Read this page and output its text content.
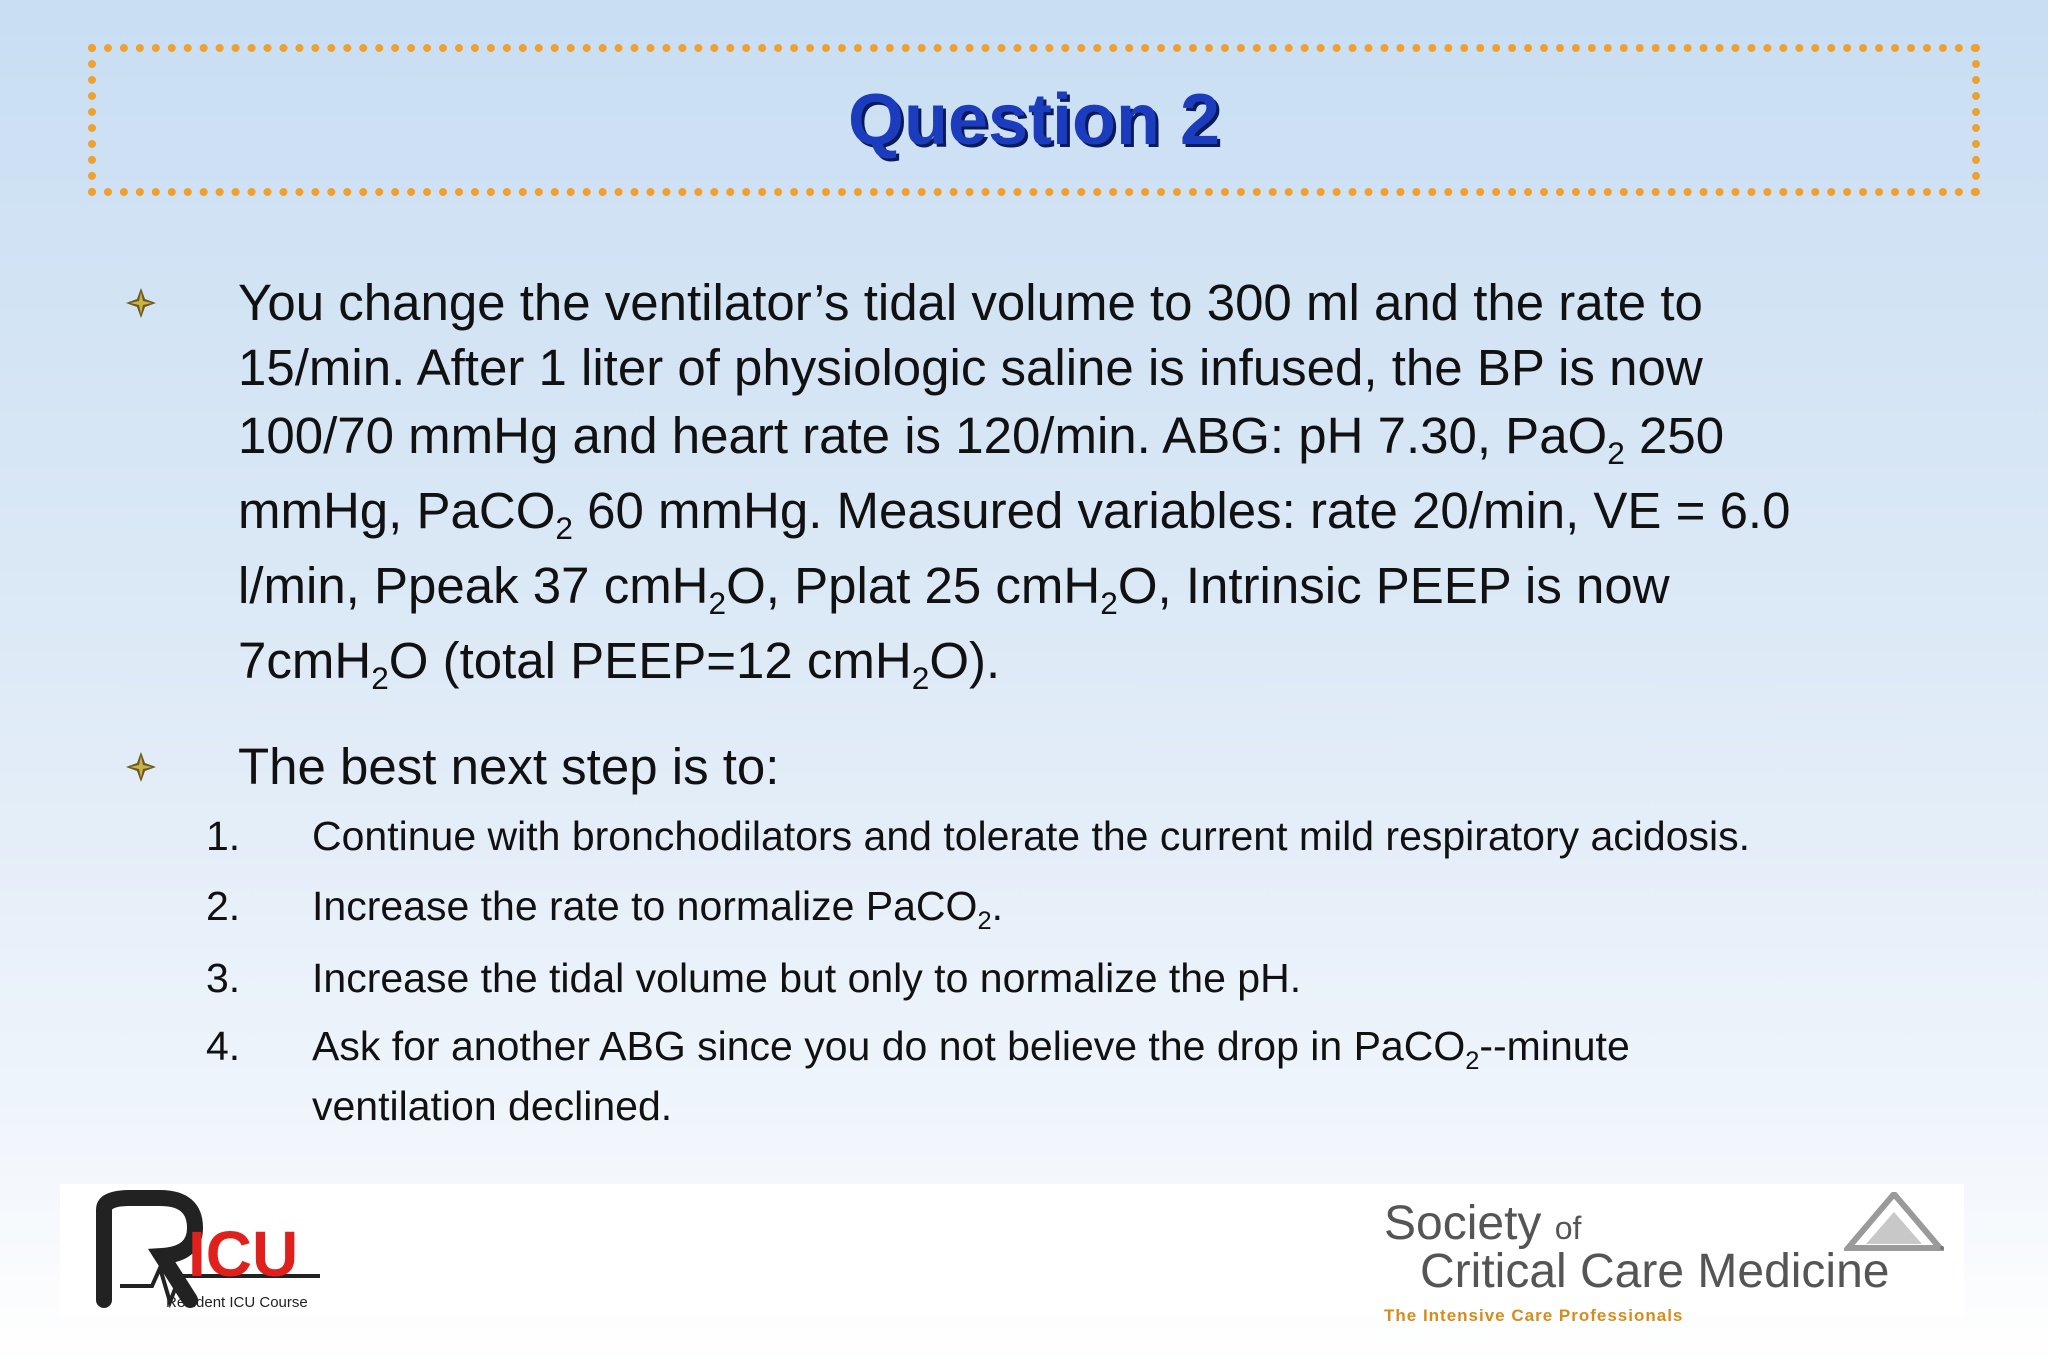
Question 2
You change the ventilator’s tidal volume to 300 ml and the rate to
15/min. After 1 liter of physiologic saline is infused, the BP is now
100/70 mmHg and heart rate is 120/min. ABG: pH 7.30, PaO$_2$ 250
mmHg, PaCO$_2$ 60 mmHg. Measured variables: rate 20/min, VE = 6.0
l/min, Ppeak 37 cmH$_2$O, Pplat 25 cmH$_2$O, Intrinsic PEEP is now
7cmH$_2$O (total PEEP=12 cmH$_2$O).
The best next step is to:
1. Continue with bronchodilators and tolerate the current mild respiratory acidosis.
2. Increase the rate to normalize PaCO$_2$.
3. Increase the tidal volume but only to normalize the pH.
4. Ask for another ABG since you do not believe the drop in PaCO$_2$--minute
ventilation declined.
ICU
Resident ICU Course
Society of
Critical Care Medicine
The Intensive Care Professionals
